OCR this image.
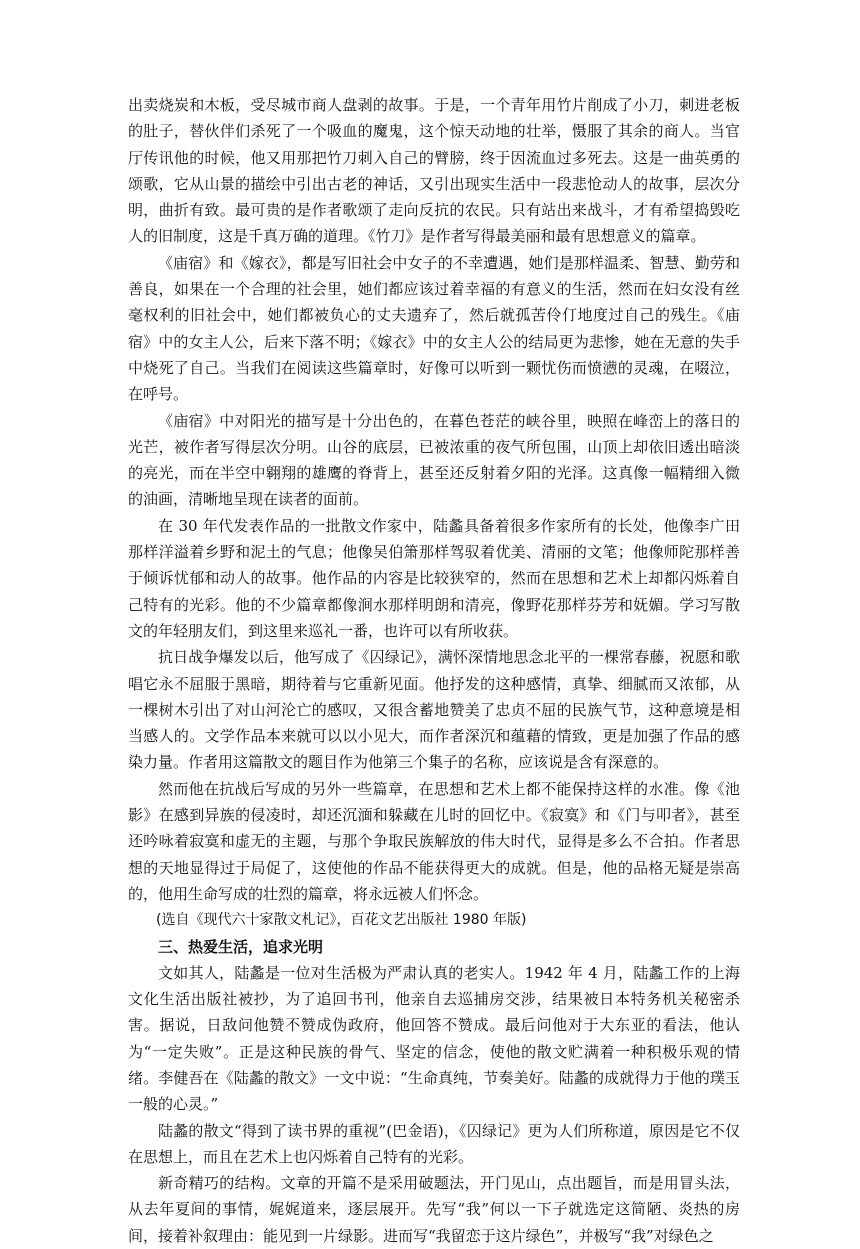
出卖烧炭和木板，受尽城市商人盘剥的故事。于是，一个青年用竹片削成了小刀，刺进老板的肚子，替伙伴们杀死了一个吸血的魔鬼，这个惊天动地的壮举，慑服了其余的商人。当官厅传讯他的时候，他又用那把竹刀刺入自己的臂膀，终于因流血过多死去。这是一曲英勇的颂歌，它从山景的描绘中引出古老的神话，又引出现实生活中一段悲怆动人的故事，层次分明，曲折有致。最可贵的是作者歌颂了走向反抗的农民。只有站出来战斗，才有希望捣毁吃人的旧制度，这是千真万确的道理。《竹刀》是作者写得最美丽和最有思想意义的篇章。

《庙宿》和《嫁衣》，都是写旧社会中女子的不幸遭遇，她们是那样温柔、智慧、勤劳和善良，如果在一个合理的社会里，她们都应该过着幸福的有意义的生活，然而在妇女没有丝毫权利的旧社会中，她们都被负心的丈夫遗弃了，然后就孤苦伶仃地度过自己的残生。《庙宿》中的女主人公，后来下落不明；《嫁衣》中的女主人公的结局更为悲惨，她在无意的失手中烧死了自己。当我们在阅读这些篇章时，好像可以听到一颗忧伤而愤懑的灵魂，在啜泣，在呼号。

《庙宿》中对阳光的描写是十分出色的，在暮色苍茫的峡谷里，映照在峰峦上的落日的光芒，被作者写得层次分明。山谷的底层，已被浓重的夜气所包围，山顶上却依旧透出暗淡的亮光，而在半空中翱翔的雄鹰的脊背上，甚至还反射着夕阳的光泽。这真像一幅精细入微的油画，清晰地呈现在读者的面前。

在 30 年代发表作品的一批散文作家中，陆蠡具备着很多作家所有的长处，他像李广田那样洋溢着乡野和泥土的气息；他像吴伯箫那样驾驭着优美、清丽的文笔；他像师陀那样善于倾诉忧郁和动人的故事。他作品的内容是比较狭窄的，然而在思想和艺术上却都闪烁着自己特有的光彩。他的不少篇章都像涧水那样明朗和清亮，像野花那样芬芳和妩媚。学习写散文的年轻朋友们，到这里来巡礼一番，也许可以有所收获。

抗日战争爆发以后，他写成了《囚绿记》，满怀深情地思念北平的一棵常春藤，祝愿和歌唱它永不屈服于黑暗，期待着与它重新见面。他抒发的这种感情，真挚、细腻而又浓郁，从一棵树木引出了对山河沦亡的感叹，又很含蓄地赞美了忠贞不屈的民族气节，这种意境是相当感人的。文学作品本来就可以以小见大，而作者深沉和蕴藉的情致，更是加强了作品的感染力量。作者用这篇散文的题目作为他第三个集子的名称，应该说是含有深意的。

然而他在抗战后写成的另外一些篇章，在思想和艺术上都不能保持这样的水准。像《池影》在感到异族的侵凌时，却还沉湎和躲藏在儿时的回忆中。《寂寞》和《门与叩者》，甚至还吟咏着寂寞和虚无的主题，与那个争取民族解放的伟大时代，显得是多么不合拍。作者思想的天地显得过于局促了，这使他的作品不能获得更大的成就。但是，他的品格无疑是崇高的，他用生命写成的壮烈的篇章，将永远被人们怀念。

(选自《现代六十家散文札记》，百花文艺出版社 1980 年版)

三、热爱生活，追求光明

文如其人，陆蠡是一位对生活极为严肃认真的老实人。1942 年 4 月，陆蠡工作的上海文化生活出版社被抄，为了追回书刊，他亲自去巡捕房交涉，结果被日本特务机关秘密杀害。据说，日敌问他赞不赞成伪政府，他回答不赞成。最后问他对于大东亚的看法，他认为“一定失败”。正是这种民族的骨气、坚定的信念，使他的散文贮满着一种积极乐观的情绪。李健吾在《陆蠡的散文》一文中说：“生命真纯，节奏美好。陆蠡的成就得力于他的璞玉一般的心灵。”

陆蠡的散文“得到了读书界的重视”(巴金语)，《囚绿记》更为人们所称道，原因是它不仅在思想上，而且在艺术上也闪烁着自己特有的光彩。

新奇精巧的结构。文章的开篇不是采用破题法，开门见山，点出题旨，而是用冒头法，从去年夏间的事情，娓娓道来，逐层展开。先写“我”何以一下子就选定这简陋、炎热的房间，接着补叙理由：能见到一片绿影。进而写“我留恋于这片绿色”，并极写“我”对绿色之
